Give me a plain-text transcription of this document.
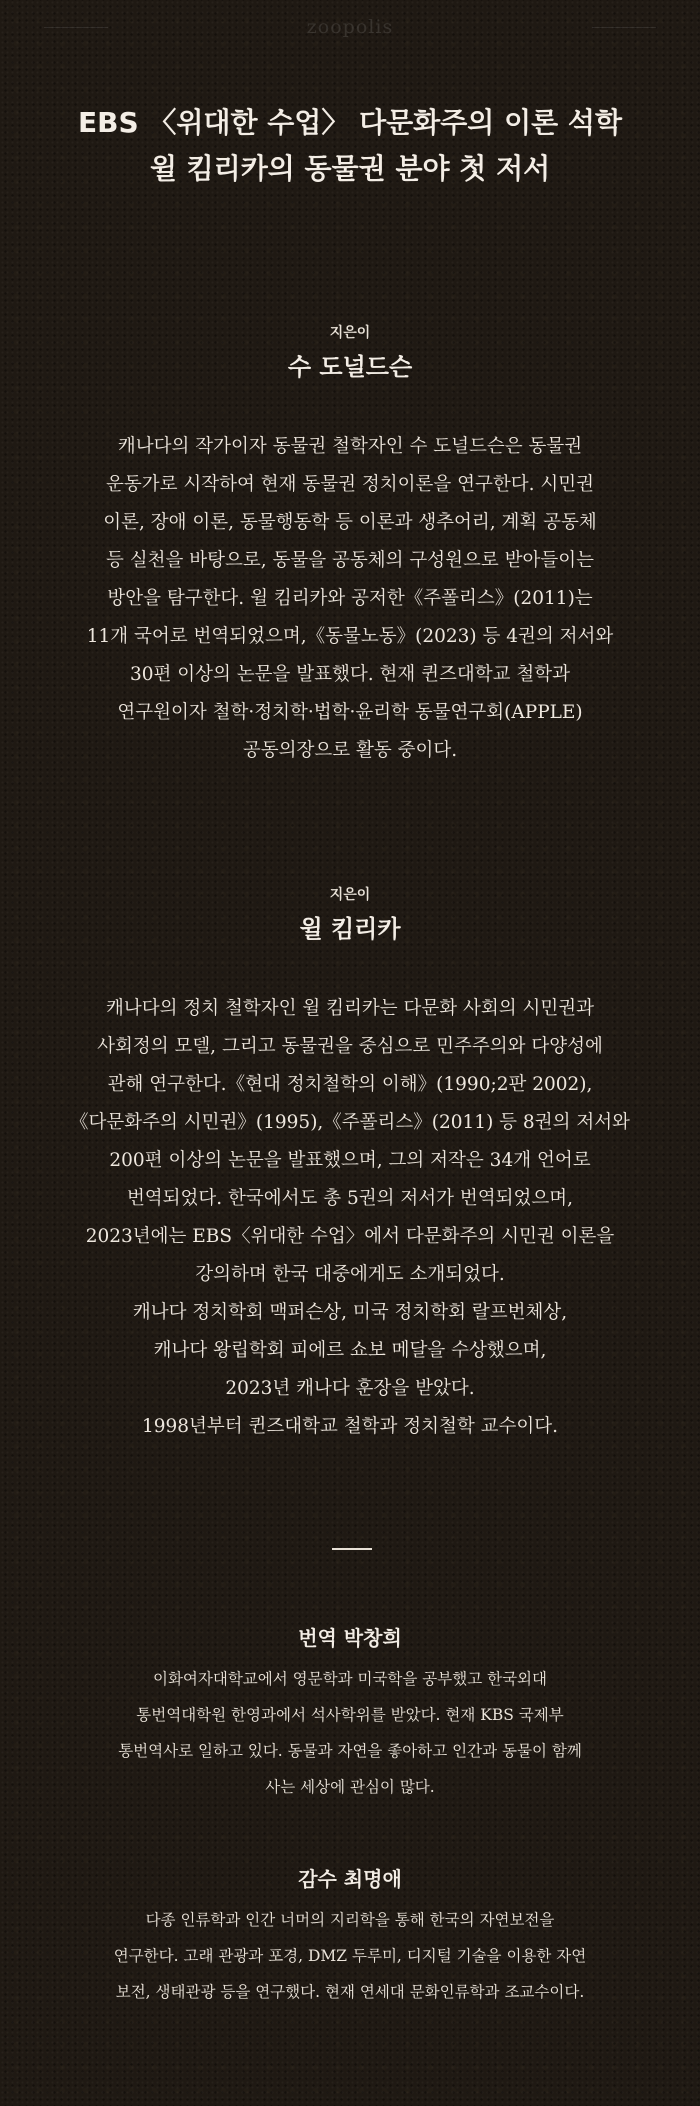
zoopolis
EBS 〈위대한 수업〉 다문화주의 이론 석학
윌 킴리카의 동물권 분야 첫 저서
지은이
수 도널드슨
캐나다의 작가이자 동물권 철학자인 수 도널드슨은 동물권
운동가로 시작하여 현재 동물권 정치이론을 연구한다. 시민권
이론, 장애 이론, 동물행동학 등 이론과 생추어리, 계획 공동체
등 실천을 바탕으로, 동물을 공동체의 구성원으로 받아들이는
방안을 탐구한다. 윌 킴리카와 공저한《주폴리스》(2011)는
11개 국어로 번역되었으며,《동물노동》(2023) 등 4권의 저서와
30편 이상의 논문을 발표했다. 현재 퀸즈대학교 철학과
연구원이자 철학·정치학·법학·윤리학 동물연구회(APPLE)
공동의장으로 활동 중이다.
지은이
윌 킴리카
캐나다의 정치 철학자인 윌 킴리카는 다문화 사회의 시민권과
사회정의 모델, 그리고 동물권을 중심으로 민주주의와 다양성에
관해 연구한다.《현대 정치철학의 이해》(1990;2판 2002),
《다문화주의 시민권》(1995),《주폴리스》(2011) 등 8권의 저서와
200편 이상의 논문을 발표했으며, 그의 저작은 34개 언어로
번역되었다. 한국에서도 총 5권의 저서가 번역되었으며,
2023년에는 EBS〈위대한 수업〉에서 다문화주의 시민권 이론을
강의하며 한국 대중에게도 소개되었다.
캐나다 정치학회 맥퍼슨상, 미국 정치학회 랄프번체상,
캐나다 왕립학회 피에르 쇼보 메달을 수상했으며,
2023년 캐나다 훈장을 받았다.
1998년부터 퀸즈대학교 철학과 정치철학 교수이다.
번역 박창희
이화여자대학교에서 영문학과 미국학을 공부했고 한국외대
통번역대학원 한영과에서 석사학위를 받았다. 현재 KBS 국제부
통번역사로 일하고 있다. 동물과 자연을 좋아하고 인간과 동물이 함께
사는 세상에 관심이 많다.
감수 최명애
다종 인류학과 인간 너머의 지리학을 통해 한국의 자연보전을
연구한다. 고래 관광과 포경, DMZ 두루미, 디지털 기술을 이용한 자연
보전, 생태관광 등을 연구했다. 현재 연세대 문화인류학과 조교수이다.
